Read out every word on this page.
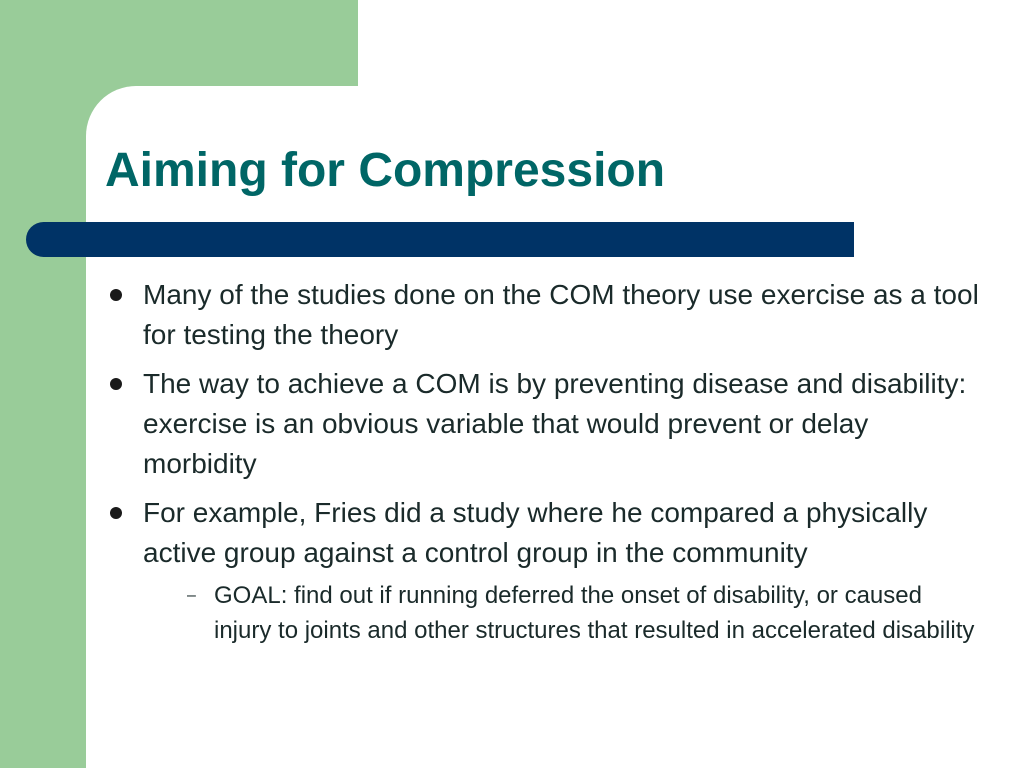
Aiming for Compression
Many of the studies done on the COM theory use exercise as a tool for testing the theory
The way to achieve a COM is by preventing disease and disability: exercise is an obvious variable that would prevent or delay morbidity
For example, Fries did a study where he compared a physically active group against a control group in the community
– GOAL: find out if running deferred the onset of disability, or caused injury to joints and other structures that resulted in accelerated disability
